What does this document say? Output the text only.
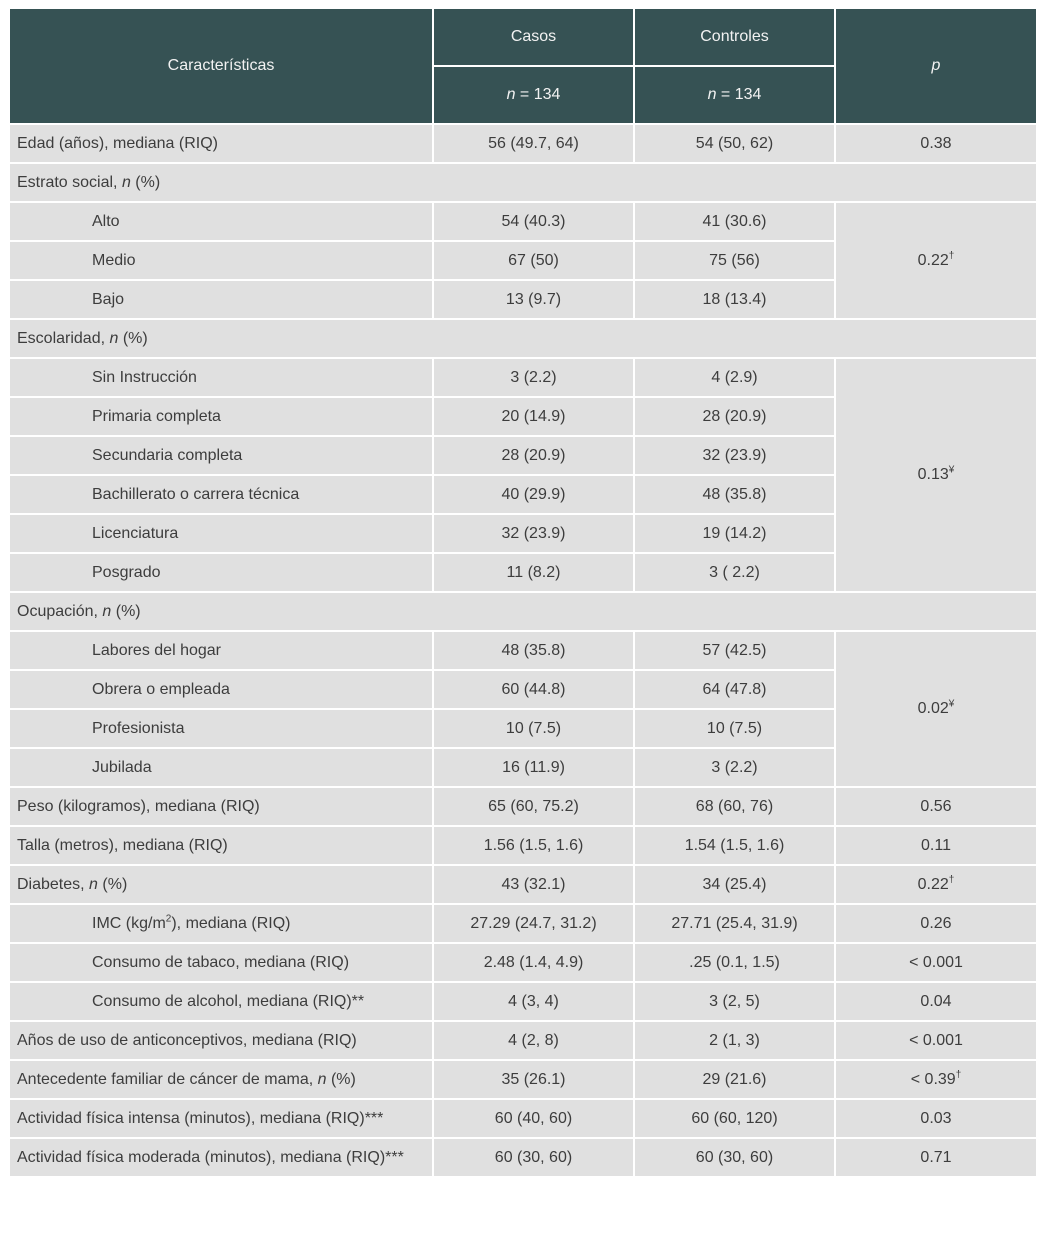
Características	Casos	Controles	p
	n = 134	n = 134	
Edad (años), mediana (RIQ)	56 (49.7, 64)	54 (50, 62)	0.38
Estrato social, n (%)			
Alto	54 (40.3)	41 (30.6)	0.22†
Medio	67 (50)	75 (56)	
Bajo	13 (9.7)	18 (13.4)	
Escolaridad, n (%)			
Sin Instrucción	3 (2.2)	4 (2.9)	0.13¥
Primaria completa	20 (14.9)	28 (20.9)	
Secundaria completa	28 (20.9)	32 (23.9)	
Bachillerato o carrera técnica	40 (29.9)	48 (35.8)	
Licenciatura	32 (23.9)	19 (14.2)	
Posgrado	11 (8.2)	3 ( 2.2)	
Ocupación, n (%)			
Labores del hogar	48 (35.8)	57 (42.5)	0.02¥
Obrera o empleada	60 (44.8)	64 (47.8)	
Profesionista	10 (7.5)	10 (7.5)	
Jubilada	16 (11.9)	3 (2.2)	
Peso (kilogramos), mediana (RIQ)	65 (60, 75.2)	68 (60, 76)	0.56
Talla (metros), mediana (RIQ)	1.56 (1.5, 1.6)	1.54 (1.5, 1.6)	0.11
Diabetes, n (%)	43 (32.1)	34 (25.4)	0.22†
IMC $(kg/m^2)$, mediana (RIQ)	27.29 (24.7, 31.2)	27.71 (25.4, 31.9)	0.26
Consumo de tabaco, mediana (RIQ)	2.48 (1.4, 4.9)	.25 (0.1, 1.5)	< 0.001
Consumo de alcohol, mediana (RIQ)**	4 (3, 4)	3 (2, 5)	0.04
Años de uso de anticonceptivos, mediana (RIQ)	4 (2, 8)	2 (1, 3)	< 0.001
Antecedente familiar de cáncer de mama, n (%)	35 (26.1)	29 (21.6)	< 0.39†
Actividad física intensa (minutos), mediana (RIQ)***	60 (40, 60)	60 (60, 120)	0.03
Actividad física moderada (minutos), mediana (RIQ)***	60 (30, 60)	60 (30, 60)	0.71
